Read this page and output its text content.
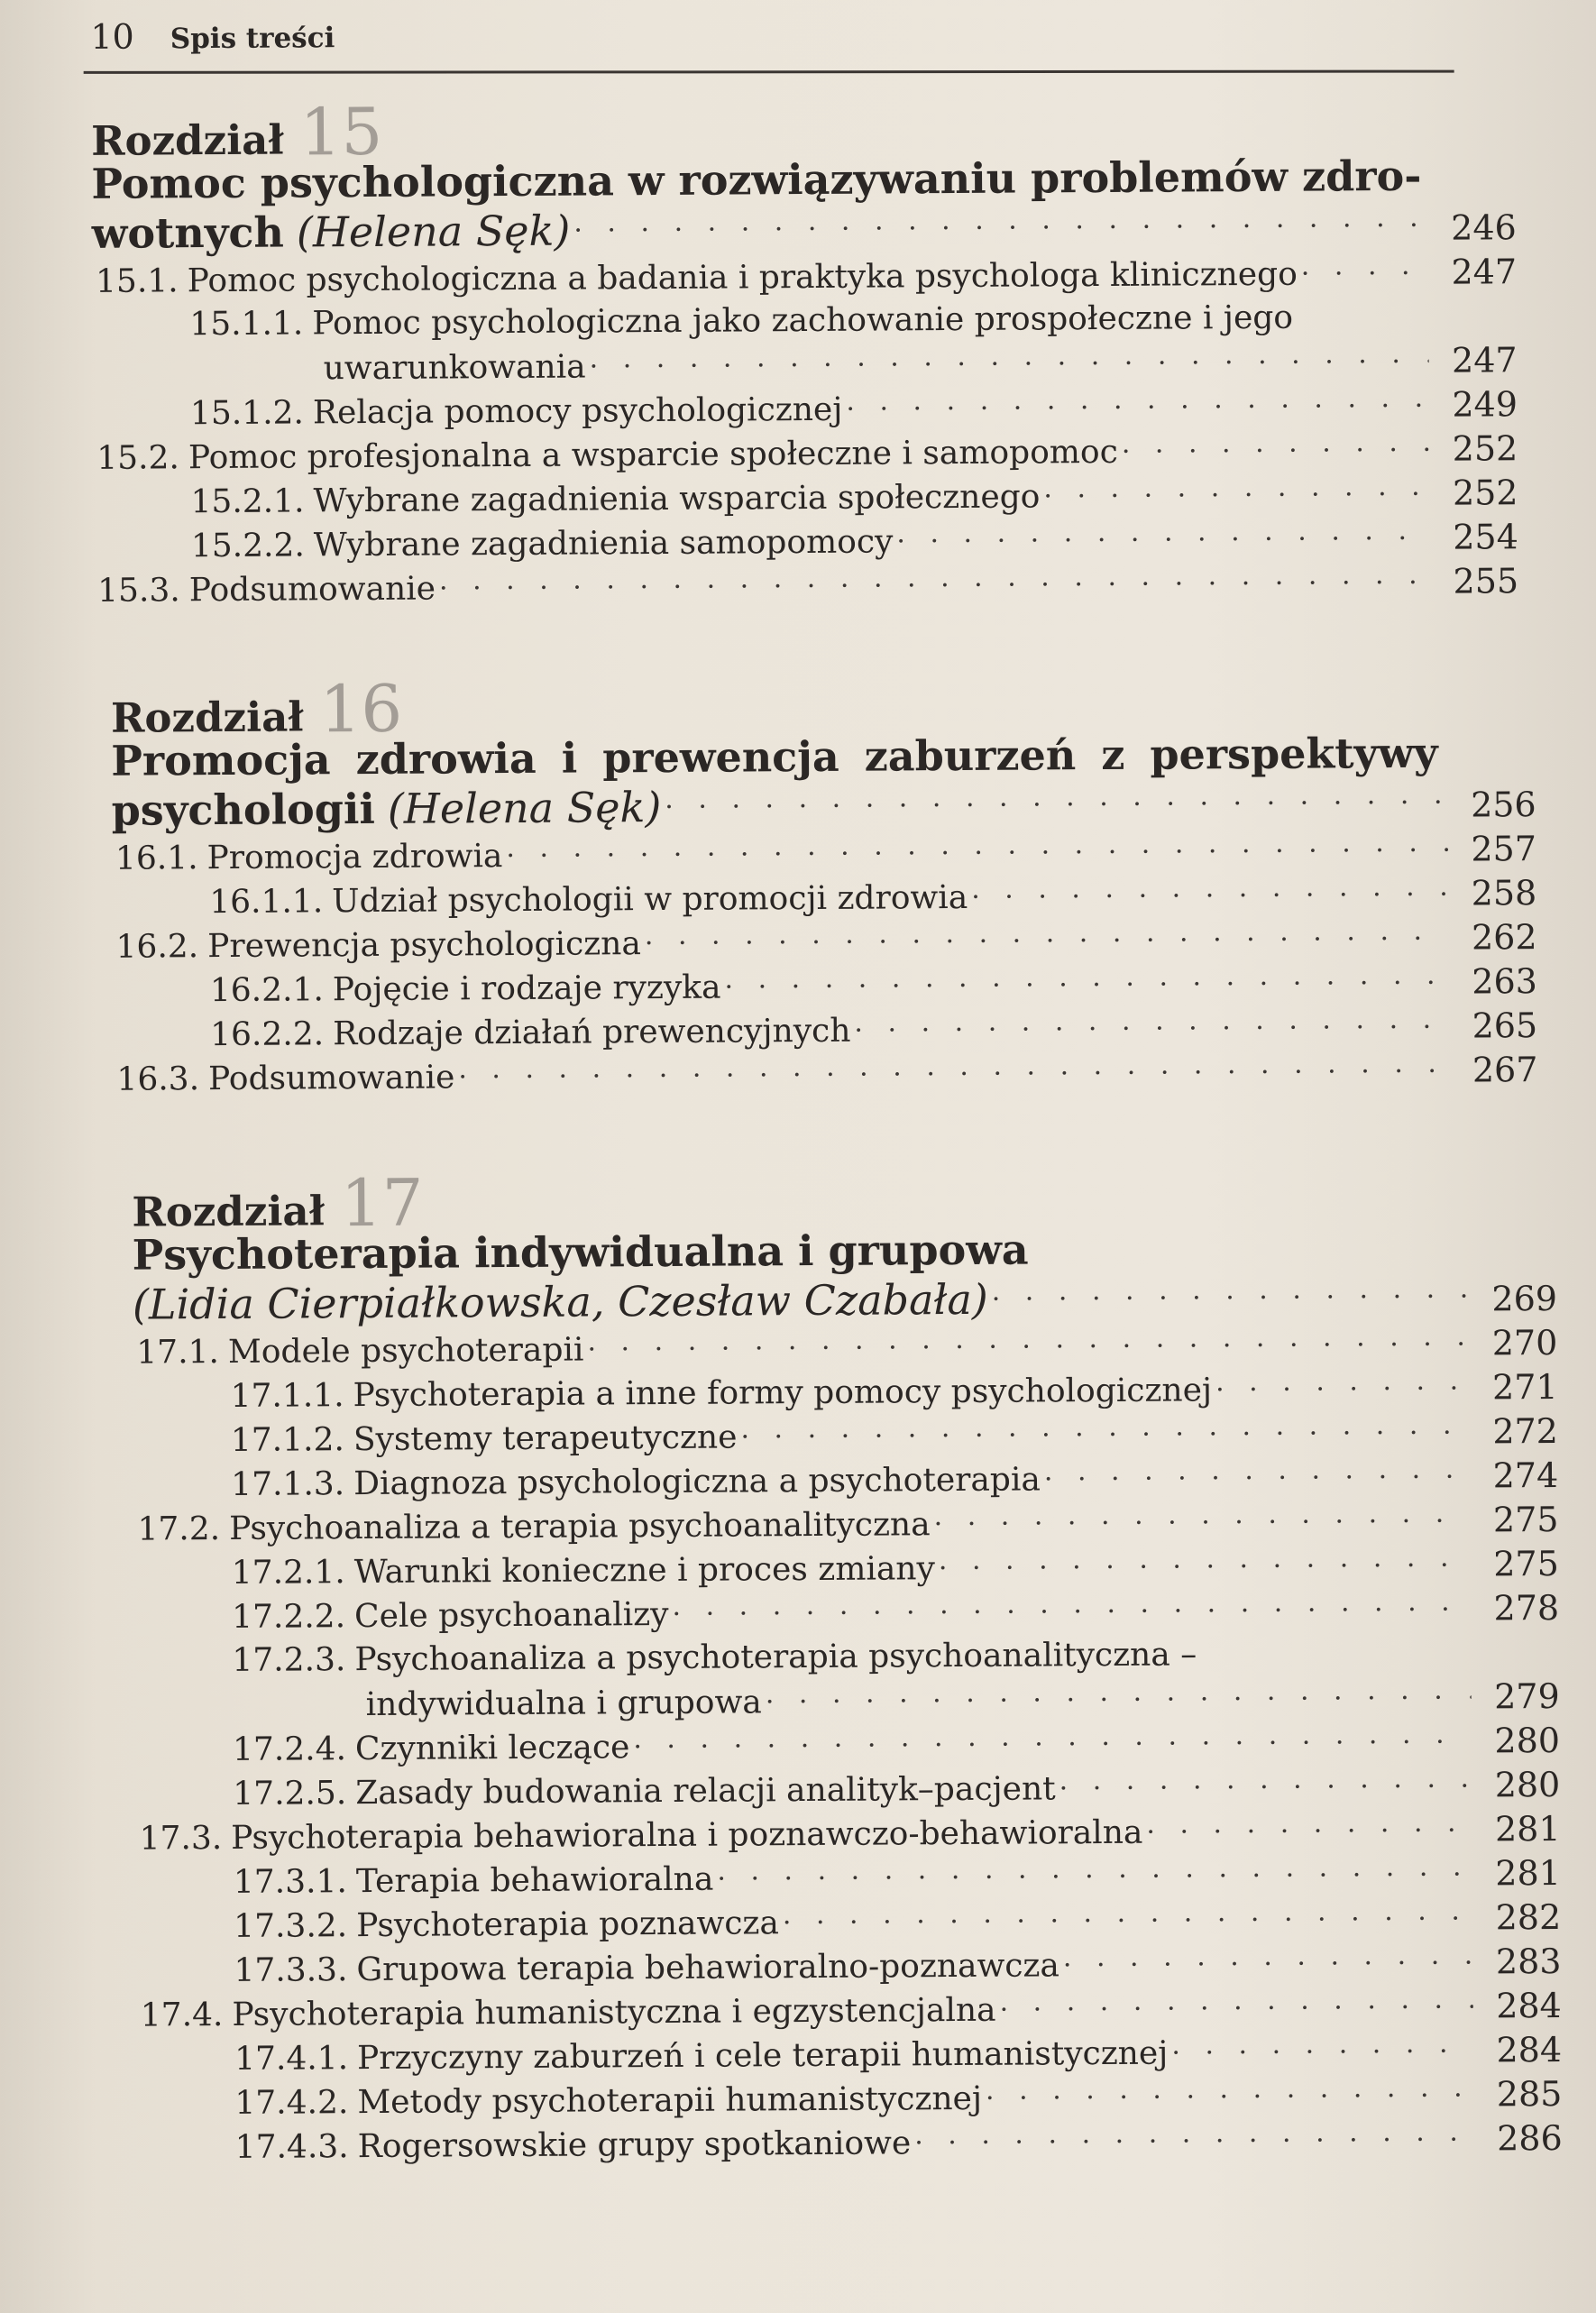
10 Spis treści
Rozdział 15
Pomoc psychologiczna w rozwiązywaniu problemów zdro-
wotnych (Helena Sęk) . . .	246
15.1. Pomoc psychologiczna a badania i praktyka psychologa klinicznego . . .	247
15.1.1. Pomoc psychologiczna jako zachowanie prospołeczne i jego
uwarunkowania . . .	247
15.1.2. Relacja pomocy psychologicznej . . .	249
15.2. Pomoc profesjonalna a wsparcie społeczne i samopomoc . . .	252
15.2.1. Wybrane zagadnienia wsparcia społecznego . . .	252
15.2.2. Wybrane zagadnienia samopomocy . . .	254
15.3. Podsumowanie . . .	255
Rozdział 16
Promocja zdrowia i prewencja zaburzeń z perspektywy
psychologii (Helena Sęk) . . .	256
16.1. Promocja zdrowia . . .	257
16.1.1. Udział psychologii w promocji zdrowia . . .	258
16.2. Prewencja psychologiczna . . .	262
16.2.1. Pojęcie i rodzaje ryzyka . . .	263
16.2.2. Rodzaje działań prewencyjnych . . .	265
16.3. Podsumowanie . . .	267
Rozdział 17
Psychoterapia indywidualna i grupowa
(Lidia Cierpiałkowska, Czesław Czabała) . . .	269
17.1. Modele psychoterapii . . .	270
17.1.1. Psychoterapia a inne formy pomocy psychologicznej . . .	271
17.1.2. Systemy terapeutyczne . . .	272
17.1.3. Diagnoza psychologiczna a psychoterapia . . .	274
17.2. Psychoanaliza a terapia psychoanalityczna . . .	275
17.2.1. Warunki konieczne i proces zmiany . . .	275
17.2.2. Cele psychoanalizy . . .	278
17.2.3. Psychoanaliza a psychoterapia psychoanalityczna –
indywidualna i grupowa . . .	279
17.2.4. Czynniki leczące . . .	280
17.2.5. Zasady budowania relacji analityk–pacjent . . .	280
17.3. Psychoterapia behawioralna i poznawczo-behawioralna . . .	281
17.3.1. Terapia behawioralna . . .	281
17.3.2. Psychoterapia poznawcza . . .	282
17.3.3. Grupowa terapia behawioralno-poznawcza . . .	283
17.4. Psychoterapia humanistyczna i egzystencjalna . . .	284
17.4.1. Przyczyny zaburzeń i cele terapii humanistycznej . . .	284
17.4.2. Metody psychoterapii humanistycznej . . .	285
17.4.3. Rogersowskie grupy spotkaniowe . . .	286
